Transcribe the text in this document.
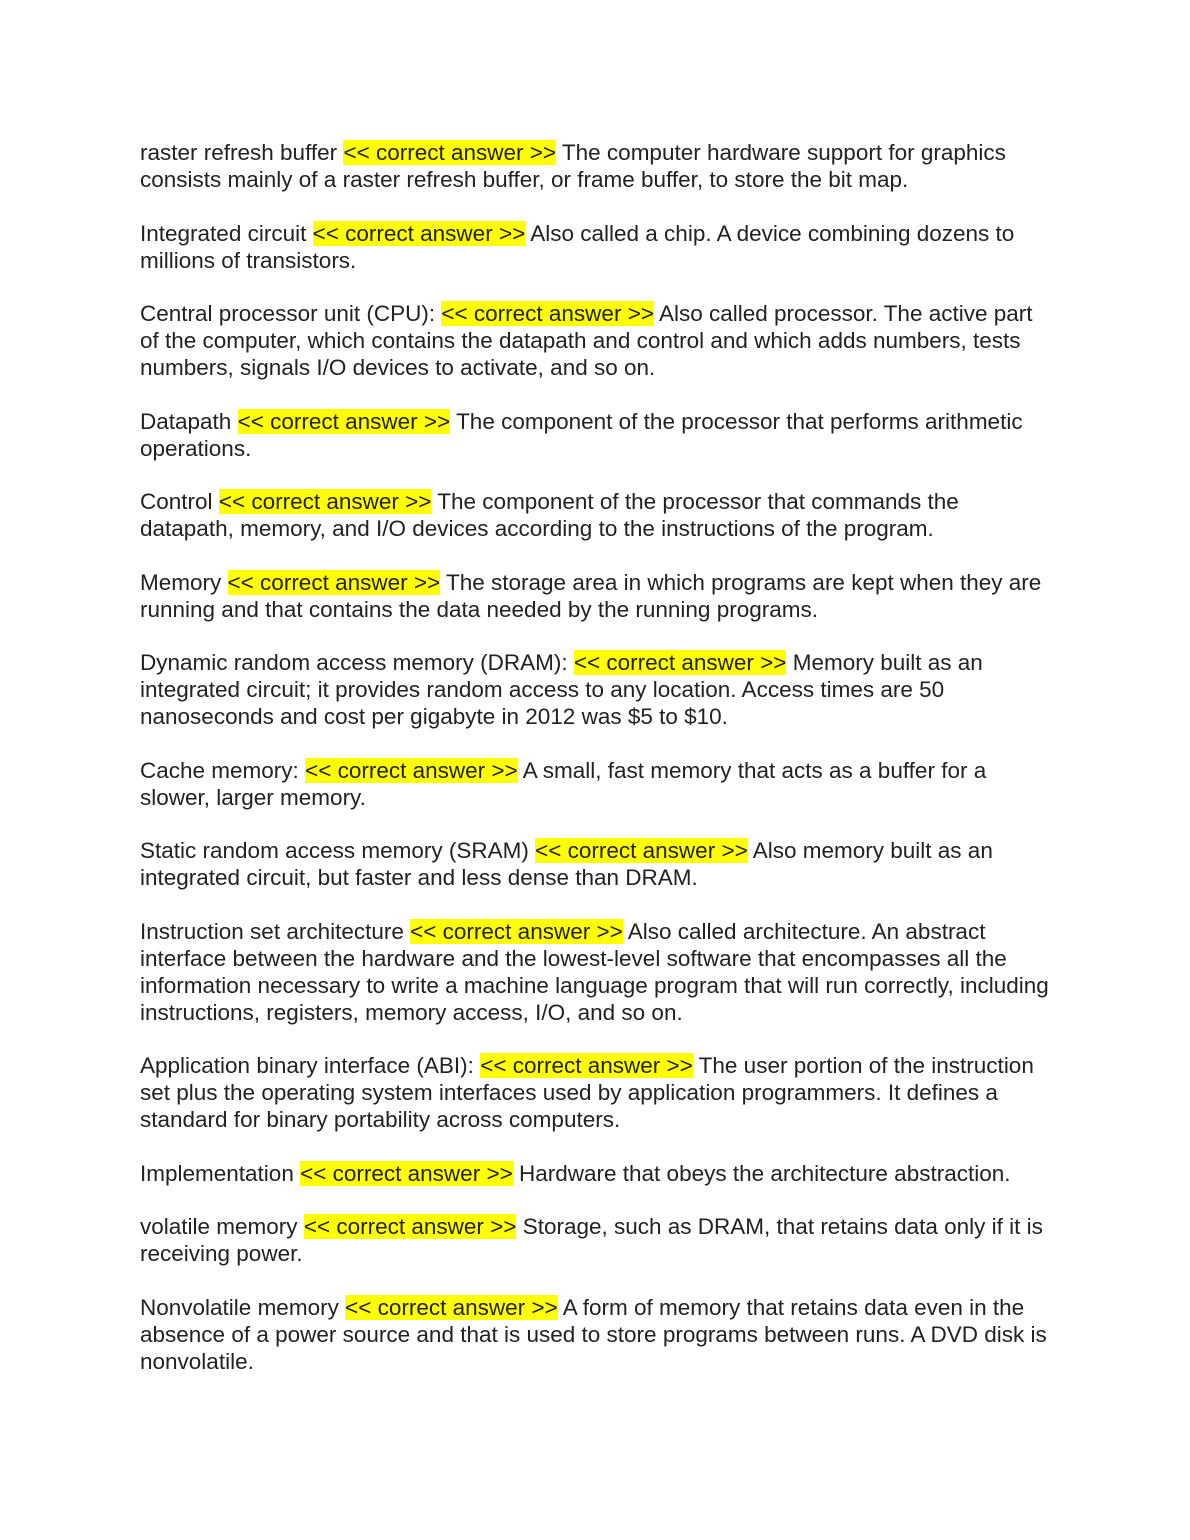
raster refresh buffer << correct answer >> The computer hardware support for graphics consists mainly of a raster refresh buffer, or frame buffer, to store the bit map.

Integrated circuit << correct answer >> Also called a chip. A device combining dozens to millions of transistors.

Central processor unit (CPU): << correct answer >> Also called processor. The active part of the computer, which contains the datapath and control and which adds numbers, tests numbers, signals I/O devices to activate, and so on.

Datapath << correct answer >> The component of the processor that performs arithmetic operations.

Control << correct answer >> The component of the processor that commands the datapath, memory, and I/O devices according to the instructions of the program.

Memory << correct answer >> The storage area in which programs are kept when they are running and that contains the data needed by the running programs.

Dynamic random access memory (DRAM): << correct answer >> Memory built as an integrated circuit; it provides random access to any location. Access times are 50 nanoseconds and cost per gigabyte in 2012 was $5 to $10.

Cache memory: << correct answer >> A small, fast memory that acts as a buffer for a slower, larger memory.

Static random access memory (SRAM) << correct answer >> Also memory built as an integrated circuit, but faster and less dense than DRAM.

Instruction set architecture << correct answer >> Also called architecture. An abstract interface between the hardware and the lowest-level software that encompasses all the information necessary to write a machine language program that will run correctly, including instructions, registers, memory access, I/O, and so on.

Application binary interface (ABI): << correct answer >> The user portion of the instruction set plus the operating system interfaces used by application programmers. It defines a standard for binary portability across computers.

Implementation << correct answer >> Hardware that obeys the architecture abstraction.

volatile memory << correct answer >> Storage, such as DRAM, that retains data only if it is receiving power.

Nonvolatile memory << correct answer >> A form of memory that retains data even in the absence of a power source and that is used to store programs between runs. A DVD disk is nonvolatile.
